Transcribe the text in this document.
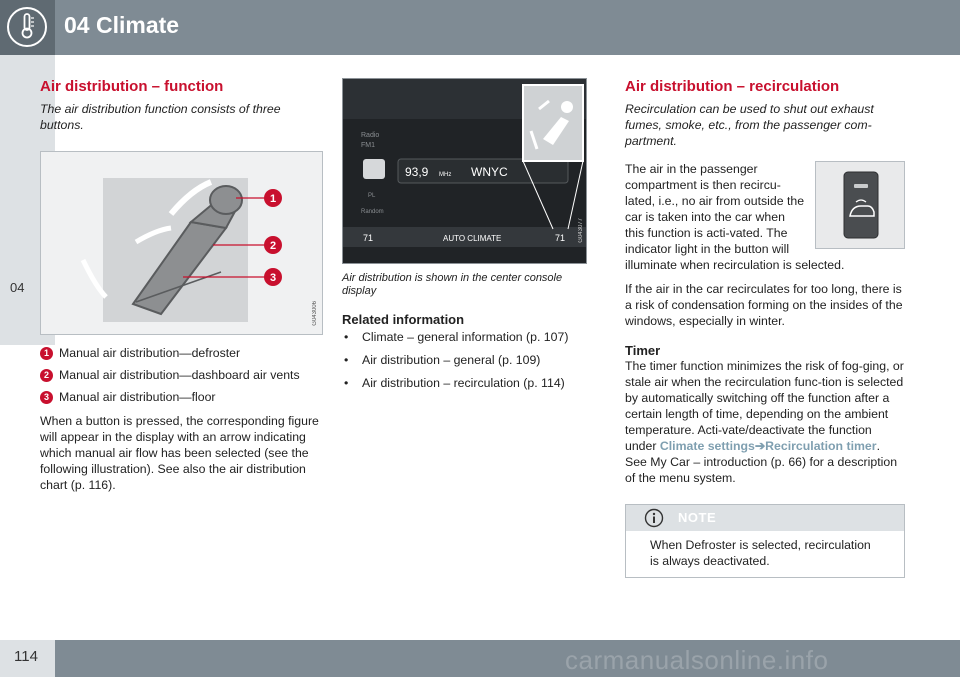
04 Climate
04
Air distribution – function
The air distribution function consists of three buttons.
1
2
3
G043006
1 Manual air distribution—defroster
2 Manual air distribution—dashboard air vents
3 Manual air distribution—floor

When a button is pressed, the corresponding figure will appear in the display with an arrow indicating which manual air flow has been selected (see the following illustration). See also the air distribution chart (p. 116).

Radio
FM1
93,9 MHz WNYC
PL
Random
71	AUTO CLIMATE	71 G043077
Air distribution is shown in the center console display
Related information
• Climate – general information (p. 107)
• Air distribution – general (p. 109)
• Air distribution – recirculation (p. 114)
Air distribution – recirculation
Recirculation can be used to shut out exhaust fumes, smoke, etc., from the passenger com-partment.
The air in the passenger compartment is then recircu-lated, i.e., no air from outside the car is taken into the car when this function is acti-vated. The indicator light in the button will illuminate when recirculation is selected.

If the air in the car recirculates for too long, there is a risk of condensation forming on the insides of the windows, especially in winter.

Timer

The timer function minimizes the risk of fog-ging, or stale air when the recirculation func-tion is selected by automatically switching off the function after a certain length of time, depending on the ambient temperature. Acti-vate/deactivate the function under Climate settings➔Recirculation timer. See My Car – introduction (p. 66) for a description of the menu system.

NOTE
When Defroster is selected, recirculation is always deactivated.
114	carmanualsonline.info
